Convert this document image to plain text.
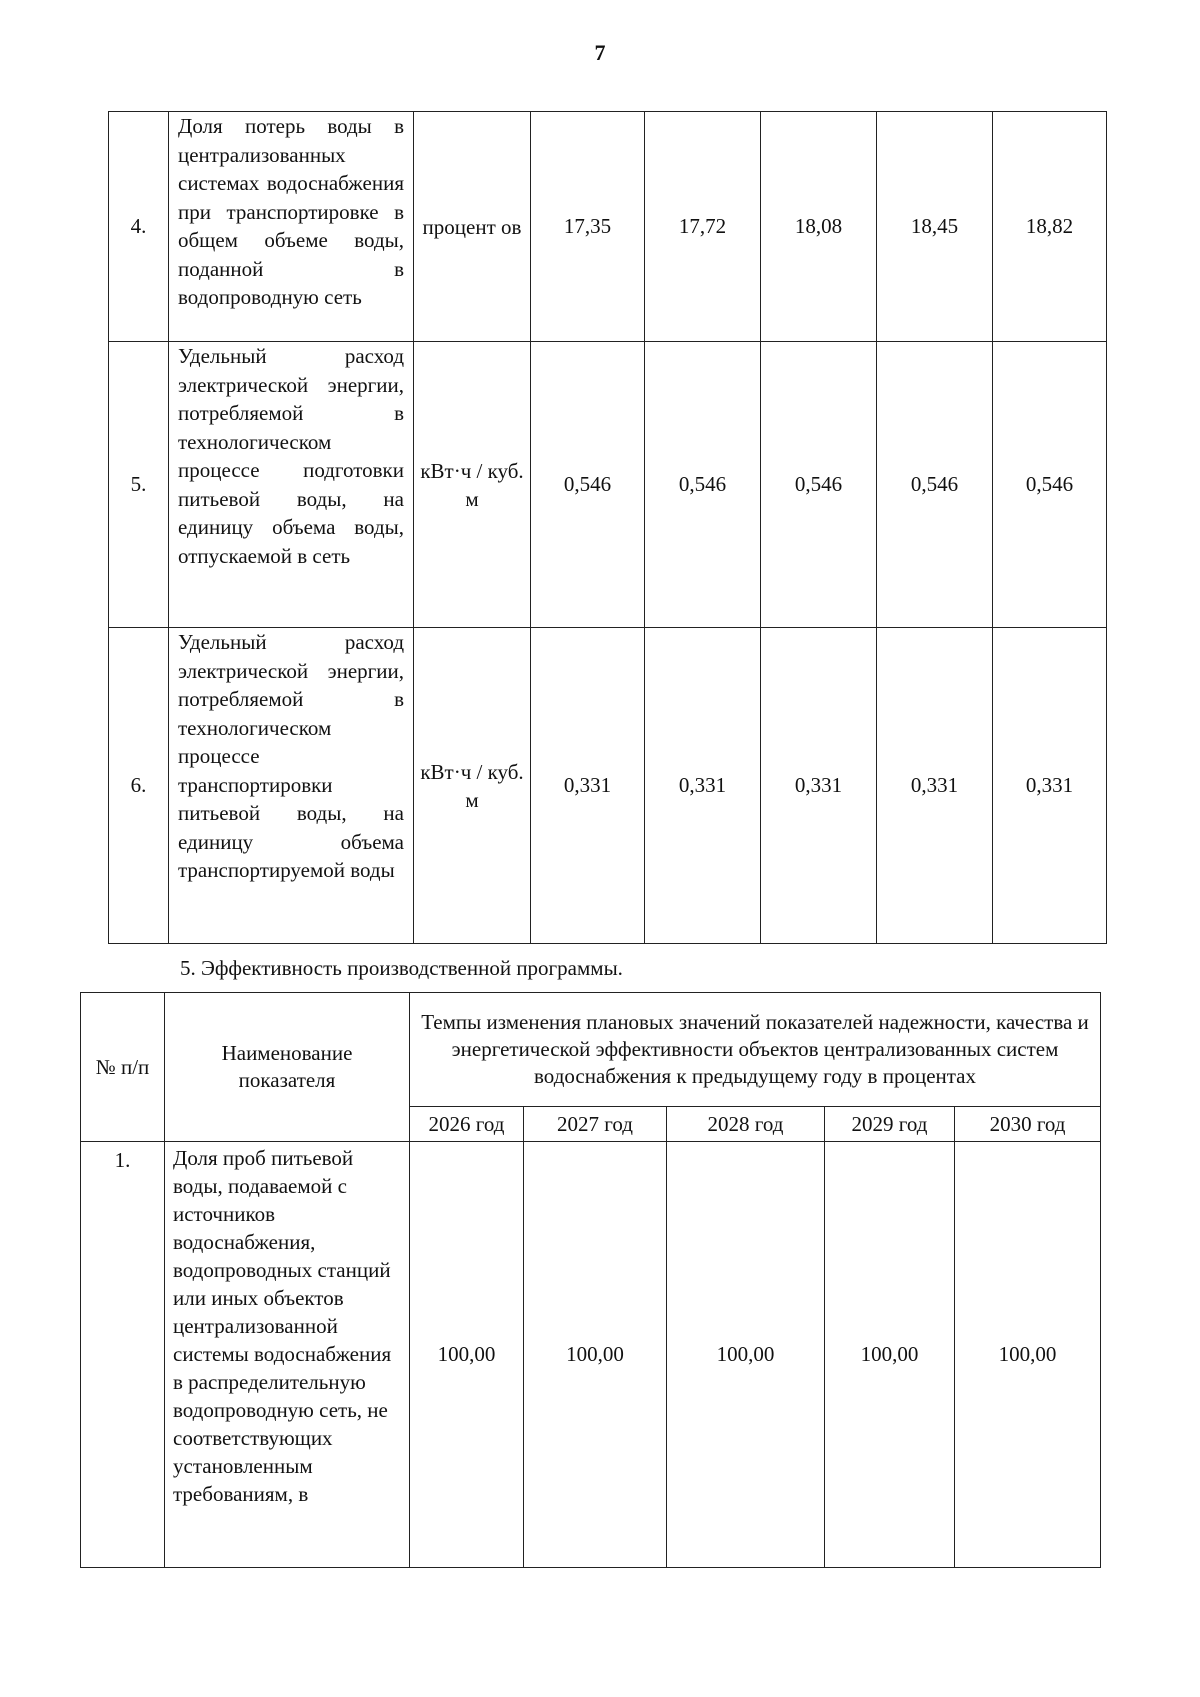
7
4.	Доля потерь воды в централизованных системах водоснабжения при транспортировке в общем объеме воды, поданной в водопроводную сеть	процент ов	17,35	17,72	18,08	18,45	18,82
5.	Удельный расход электрической энергии, потребляемой в технологическом процессе подготовки питьевой воды, на единицу объема воды, отпускаемой в сеть	кВт·ч / куб. м	0,546	0,546	0,546	0,546	0,546
6.	Удельный расход электрической энергии, потребляемой в технологическом процессе транспортировки питьевой воды, на единицу объема транспортируемой воды	кВт·ч / куб. м	0,331	0,331	0,331	0,331	0,331
5. Эффективность производственной программы.
№ п/п	Наименование показателя	Темпы изменения плановых значений показателей надежности, качества и энергетической эффективности объектов централизованных систем водоснабжения к предыдущему году в процентах				
		2026 год	2027 год	2028 год	2029 год	2030 год
1.	Доля проб питьевой воды, подаваемой с источников водоснабжения, водопроводных станций или иных объектов централизованной системы водоснабжения в распределительную водопроводную сеть, не соответствующих установленным требованиям, в	100,00	100,00	100,00	100,00	100,00
